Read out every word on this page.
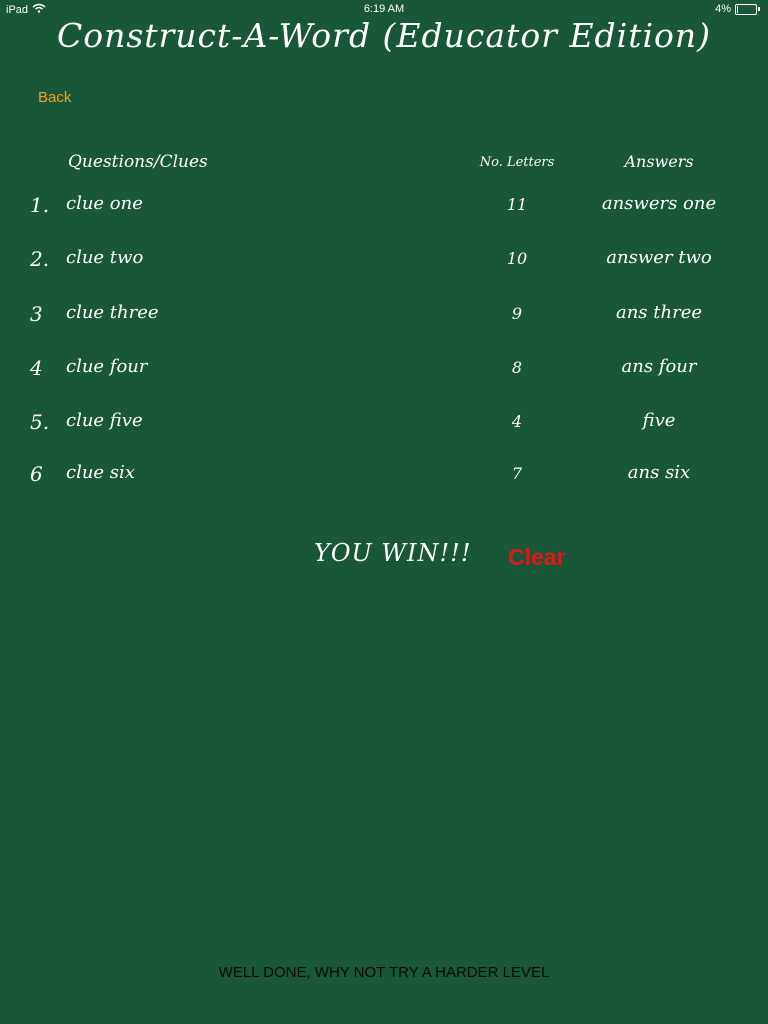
iPad	6:19 AM	4%
Construct-A-Word (Educator Edition)
Back
Questions/Clues	No. Letters	Answers
1. clue one	11	answers one
2. clue two	10	answer two
3 clue three	9	ans three
4 clue four	8	ans four
5. clue five	4	five
6 clue six	7	ans six
YOU WIN!!! Clear
WELL DONE, WHY NOT TRY A HARDER LEVEL
